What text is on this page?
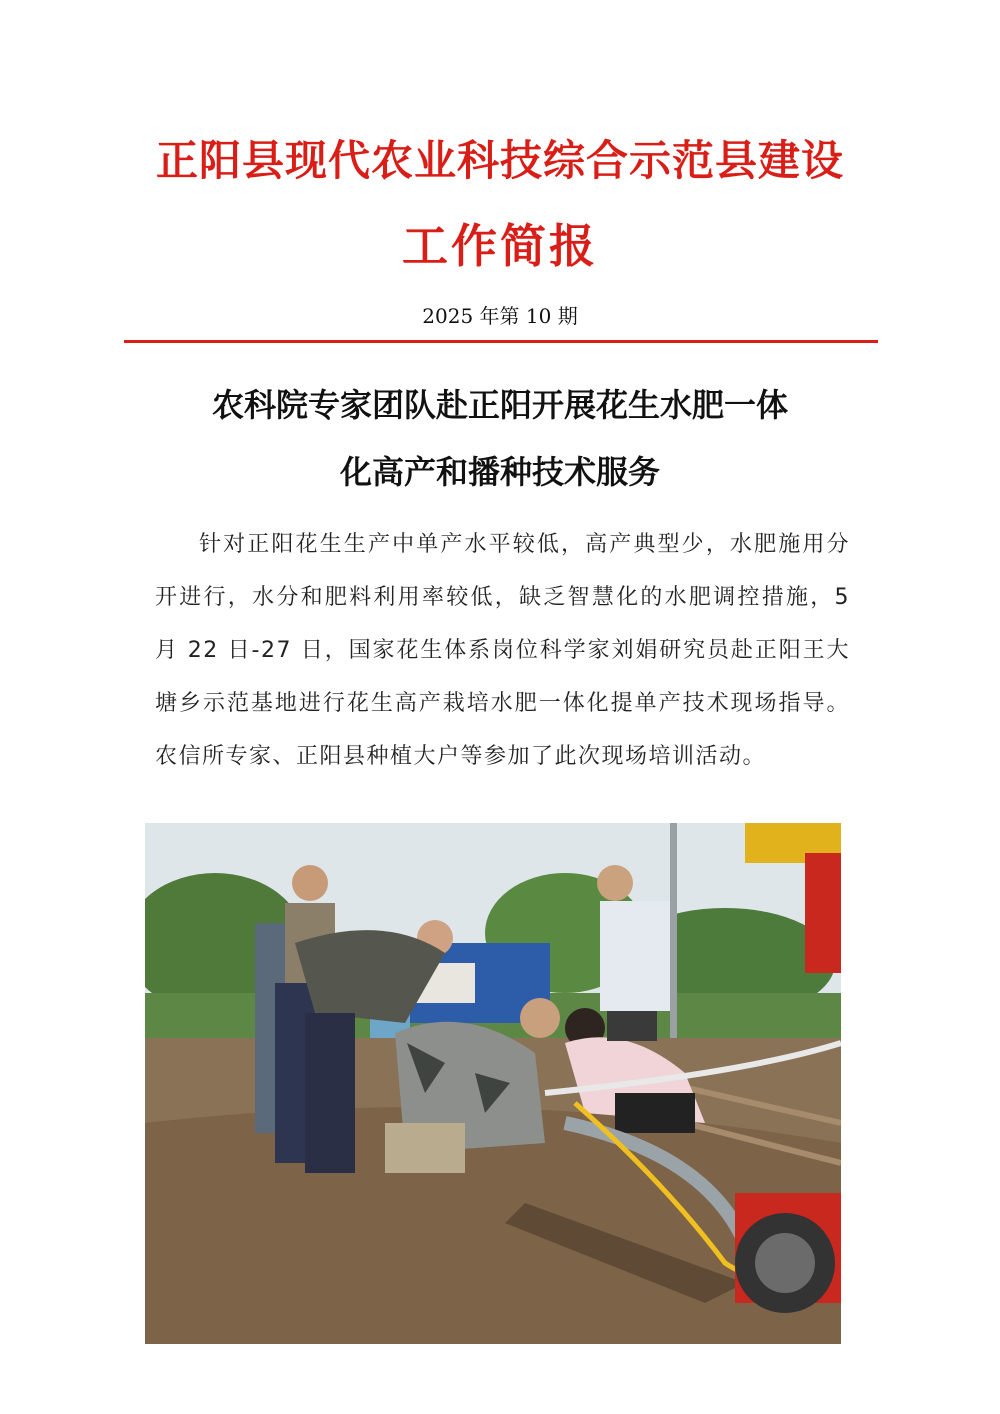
正阳县现代农业科技综合示范县建设
工作简报
2025 年第 10 期
农科院专家团队赴正阳开展花生水肥一体
化高产和播种技术服务
针对正阳花生生产中单产水平较低，高产典型少，水肥施用分开进行，水分和肥料利用率较低，缺乏智慧化的水肥调控措施，5 月 22 日-27 日，国家花生体系岗位科学家刘娟研究员赴正阳王大塘乡示范基地进行花生高产栽培水肥一体化提单产技术现场指导。农信所专家、正阳县种植大户等参加了此次现场培训活动。
